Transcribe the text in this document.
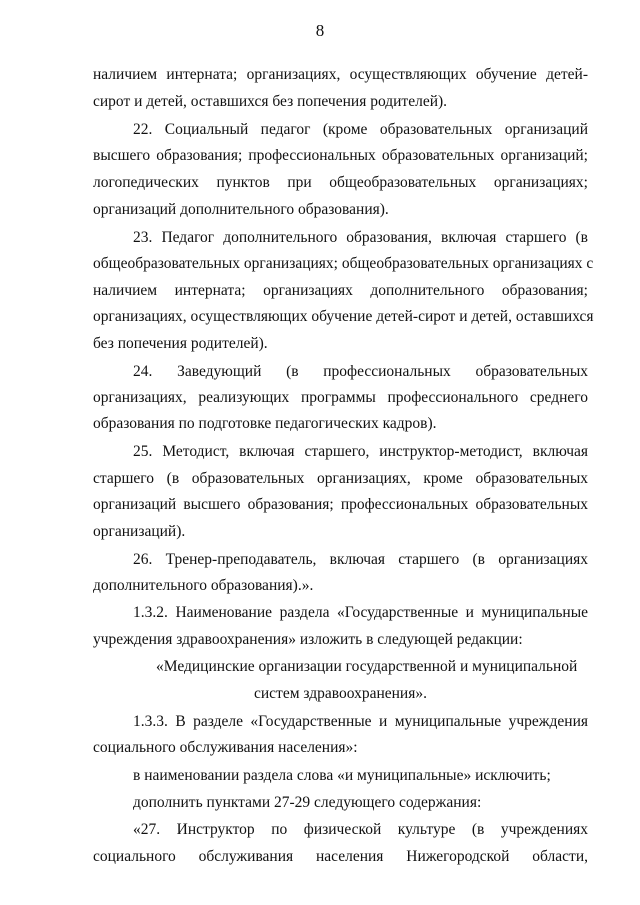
8
наличием интерната; организациях, осуществляющих обучение детей-
сирот и детей, оставшихся без попечения родителей).
22. Социальный педагог (кроме образовательных организаций
высшего образования; профессиональных образовательных организаций;
логопедических пунктов при общеобразовательных организациях;
организаций дополнительного образования).
23. Педагог дополнительного образования, включая старшего (в
общеобразовательных организациях; общеобразовательных организациях с
наличием интерната; организациях дополнительного образования;
организациях, осуществляющих обучение детей-сирот и детей, оставшихся
без попечения родителей).
24. Заведующий (в профессиональных образовательных
организациях, реализующих программы профессионального среднего
образования по подготовке педагогических кадров).
25. Методист, включая старшего, инструктор-методист, включая
старшего (в образовательных организациях, кроме образовательных
организаций высшего образования; профессиональных образовательных
организаций).
26. Тренер-преподаватель, включая старшего (в организациях
дополнительного образования).».
1.3.2. Наименование раздела «Государственные и муниципальные
учреждения здравоохранения» изложить в следующей редакции:
«Медицинские организации государственной и муниципальной
систем здравоохранения».
1.3.3. В разделе «Государственные и муниципальные учреждения
социального обслуживания населения»:
в наименовании раздела слова «и муниципальные» исключить;
дополнить пунктами 27-29 следующего содержания:
«27. Инструктор по физической культуре (в учреждениях
социального обслуживания населения Нижегородской области,
